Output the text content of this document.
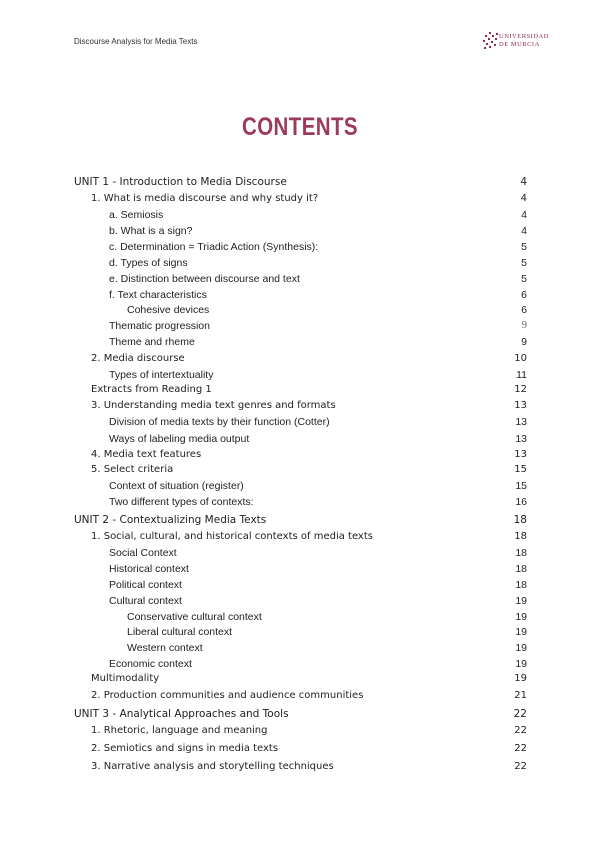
Discourse Analysis for Media Texts
UNIVERSIDAD
DE MURCIA
CONTENTS
UNIT 1 - Introduction to Media Discourse	4
1. What is media discourse and why study it?	4
a. Semiosis	4
b. What is a sign?	4
c. Determination = Triadic Action (Synthesis):	5
d. Types of signs	5
e. Distinction between discourse and text	5
f. Text characteristics	6
Cohesive devices	6
Thematic progression	9
Theme and rheme	9
2. Media discourse	10
Types of intertextuality	11
Extracts from Reading 1	12
3. Understanding media text genres and formats	13
Division of media texts by their function (Cotter)	13
Ways of labeling media output	13
4. Media text features	13
5. Select criteria	15
Context of situation (register)	15
Two different types of contexts:	16
UNIT 2 - Contextualizing Media Texts	18
1. Social, cultural, and historical contexts of media texts	18
Social Context	18
Historical context	18
Political context	18
Cultural context	19
Conservative cultural context	19
Liberal cultural context	19
Western context	19
Economic context	19
Multimodality	19
2. Production communities and audience communities	21
UNIT 3 - Analytical Approaches and Tools	22
1. Rhetoric, language and meaning	22
2. Semiotics and signs in media texts	22
3. Narrative analysis and storytelling techniques	22
